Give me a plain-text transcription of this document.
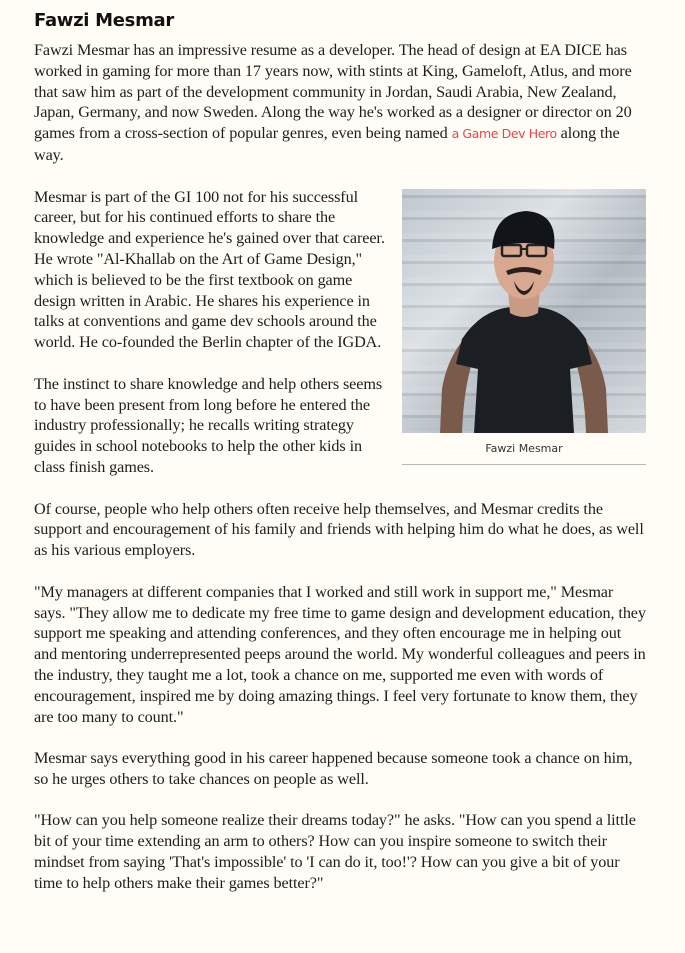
Fawzi Mesmar

Fawzi Mesmar has an impressive resume as a developer. The head of design at EA DICE has worked in gaming for more than 17 years now, with stints at King, Gameloft, Atlus, and more that saw him as part of the development community in Jordan, Saudi Arabia, New Zealand, Japan, Germany, and now Sweden. Along the way he's worked as a designer or director on 20 games from a cross-section of popular genres, even being named a Game Dev Hero along the way.

Fawzi Mesmar

Mesmar is part of the GI 100 not for his successful career, but for his continued efforts to share the knowledge and experience he's gained over that career. He wrote "Al-Khallab on the Art of Game Design," which is believed to be the first textbook on game design written in Arabic. He shares his experience in talks at conventions and game dev schools around the world. He co-founded the Berlin chapter of the IGDA.

The instinct to share knowledge and help others seems to have been present from long before he entered the industry professionally; he recalls writing strategy guides in school notebooks to help the other kids in class finish games.

Of course, people who help others often receive help themselves, and Mesmar credits the support and encouragement of his family and friends with helping him do what he does, as well as his various employers.

"My managers at different companies that I worked and still work in support me," Mesmar says. "They allow me to dedicate my free time to game design and development education, they support me speaking and attending conferences, and they often encourage me in helping out and mentoring underrepresented peeps around the world. My wonderful colleagues and peers in the industry, they taught me a lot, took a chance on me, supported me even with words of encouragement, inspired me by doing amazing things. I feel very fortunate to know them, they are too many to count."

Mesmar says everything good in his career happened because someone took a chance on him, so he urges others to take chances on people as well.

"How can you help someone realize their dreams today?" he asks. "How can you spend a little bit of your time extending an arm to others? How can you inspire someone to switch their mindset from saying 'That's impossible' to 'I can do it, too!'? How can you give a bit of your time to help others make their games better?"
